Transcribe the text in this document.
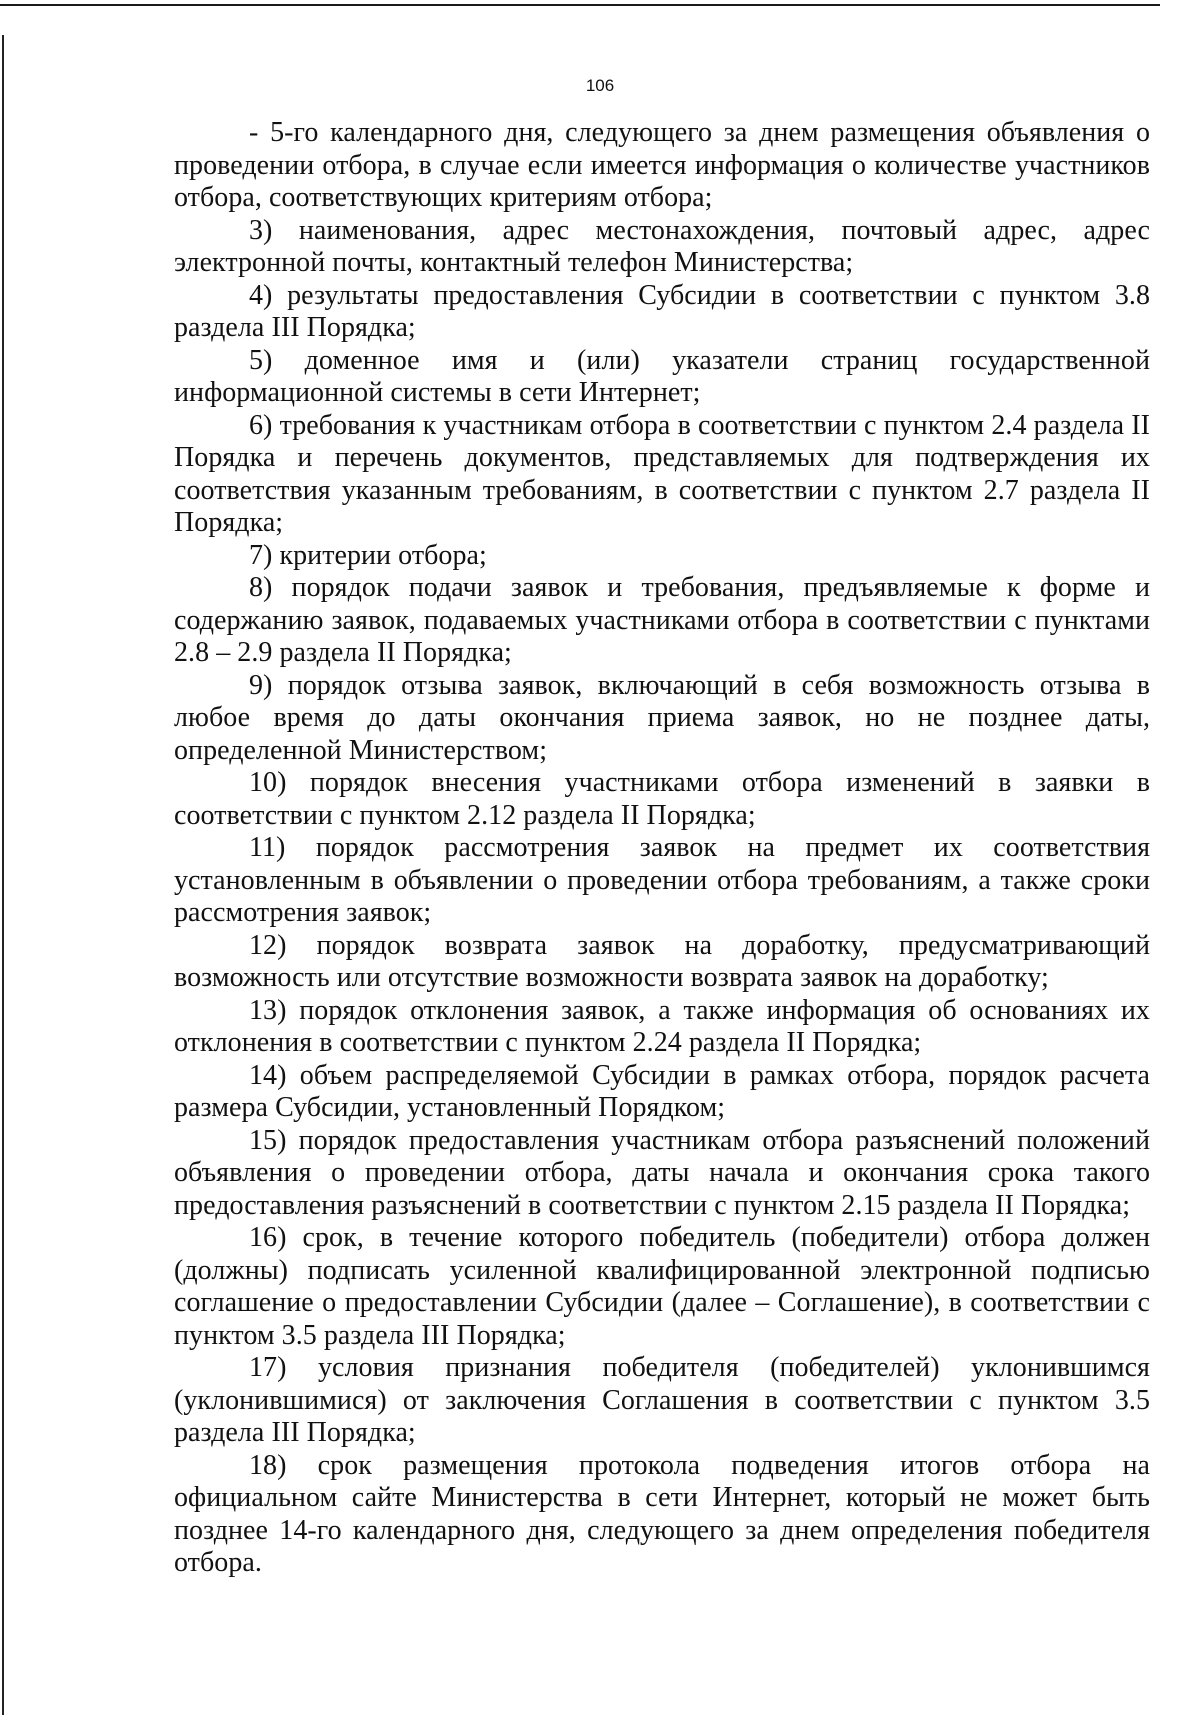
106

- 5-го календарного дня, следующего за днем размещения объявления о проведении отбора, в случае если имеется информация о количестве участников отбора, соответствующих критериям отбора;

3) наименования, адрес местонахождения, почтовый адрес, адрес электронной почты, контактный телефон Министерства;

4) результаты предоставления Субсидии в соответствии с пунктом 3.8 раздела III Порядка;

5) доменное имя и (или) указатели страниц государственной информационной системы в сети Интернет;

6) требования к участникам отбора в соответствии с пунктом 2.4 раздела II Порядка и перечень документов, представляемых для подтверждения их соответствия указанным требованиям, в соответствии с пунктом 2.7 раздела II Порядка;

7) критерии отбора;

8) порядок подачи заявок и требования, предъявляемые к форме и содержанию заявок, подаваемых участниками отбора в соответствии с пунктами 2.8 – 2.9 раздела II Порядка;

9) порядок отзыва заявок, включающий в себя возможность отзыва в любое время до даты окончания приема заявок, но не позднее даты, определенной Министерством;

10) порядок внесения участниками отбора изменений в заявки в соответствии с пунктом 2.12 раздела II Порядка;

11) порядок рассмотрения заявок на предмет их соответствия установленным в объявлении о проведении отбора требованиям, а также сроки рассмотрения заявок;

12) порядок возврата заявок на доработку, предусматривающий возможность или отсутствие возможности возврата заявок на доработку;

13) порядок отклонения заявок, а также информация об основаниях их отклонения в соответствии с пунктом 2.24 раздела II Порядка;

14) объем распределяемой Субсидии в рамках отбора, порядок расчета размера Субсидии, установленный Порядком;

15) порядок предоставления участникам отбора разъяснений положений объявления о проведении отбора, даты начала и окончания срока такого предоставления разъяснений в соответствии с пунктом 2.15 раздела II Порядка;

16) срок, в течение которого победитель (победители) отбора должен (должны) подписать усиленной квалифицированной электронной подписью соглашение о предоставлении Субсидии (далее – Соглашение), в соответствии с пунктом 3.5 раздела III Порядка;

17) условия признания победителя (победителей) уклонившимся (уклонившимися) от заключения Соглашения в соответствии с пунктом 3.5 раздела III Порядка;

18) срок размещения протокола подведения итогов отбора на официальном сайте Министерства в сети Интернет, который не может быть позднее 14-го календарного дня, следующего за днем определения победителя отбора.
